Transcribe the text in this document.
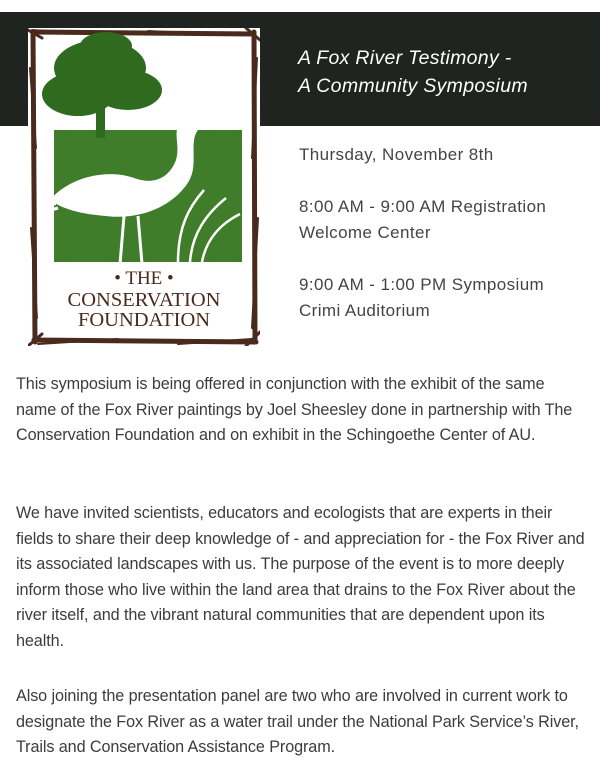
A Fox River Testimony -
A Community Symposium
• THE •
CONSERVATION
FOUNDATION
Thursday, November 8th
8:00 AM - 9:00 AM Registration
Welcome Center
9:00 AM - 1:00 PM Symposium
Crimi Auditorium

This symposium is being offered in conjunction with the exhibit of the same name of the Fox River paintings by Joel Sheesley done in partnership with The Conservation Foundation and on exhibit in the Schingoethe Center of AU.

We have invited scientists, educators and ecologists that are experts in their fields to share their deep knowledge of - and appreciation for - the Fox River and its associated landscapes with us. The purpose of the event is to more deeply inform those who live within the land area that drains to the Fox River about the river itself, and the vibrant natural communities that are dependent upon its health.

Also joining the presentation panel are two who are involved in current work to designate the Fox River as a water trail under the National Park Service’s River, Trails and Conservation Assistance Program.
